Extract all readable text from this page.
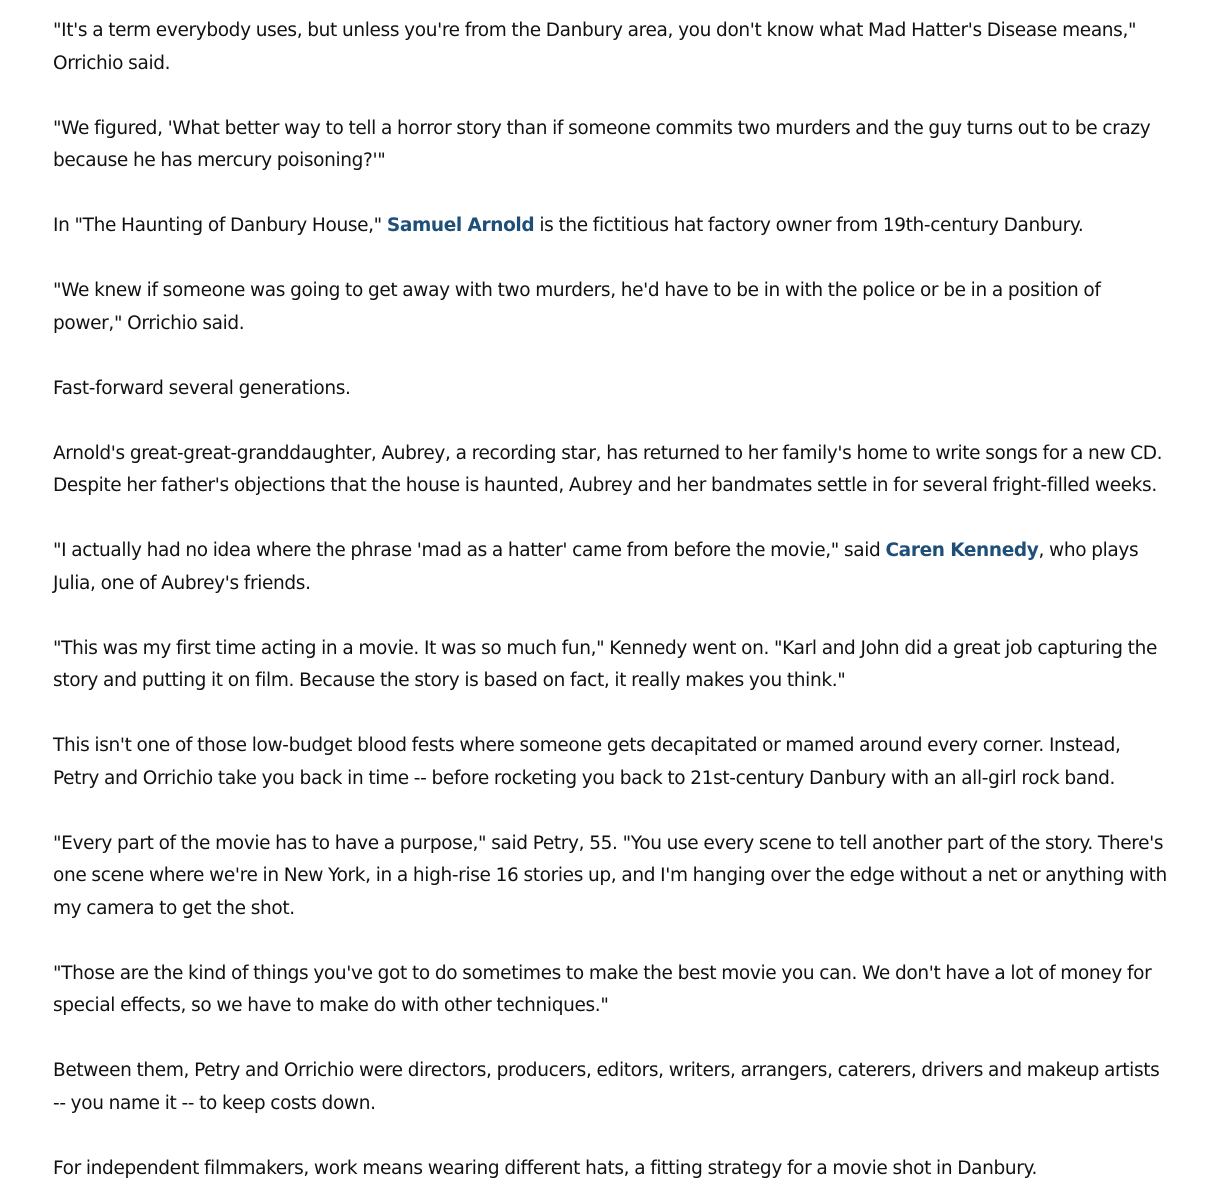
"It's a term everybody uses, but unless you're from the Danbury area, you don't know what Mad Hatter's Disease means," Orrichio said.

"We figured, 'What better way to tell a horror story than if someone commits two murders and the guy turns out to be crazy because he has mercury poisoning?'"

In "The Haunting of Danbury House," Samuel Arnold is the fictitious hat factory owner from 19th-century Danbury.

"We knew if someone was going to get away with two murders, he'd have to be in with the police or be in a position of power," Orrichio said.

Fast-forward several generations.

Arnold's great-great-granddaughter, Aubrey, a recording star, has returned to her family's home to write songs for a new CD. Despite her father's objections that the house is haunted, Aubrey and her bandmates settle in for several fright-filled weeks.

"I actually had no idea where the phrase 'mad as a hatter' came from before the movie," said Caren Kennedy, who plays Julia, one of Aubrey's friends.

"This was my first time acting in a movie. It was so much fun," Kennedy went on. "Karl and John did a great job capturing the story and putting it on film. Because the story is based on fact, it really makes you think."

This isn't one of those low-budget blood fests where someone gets decapitated or mamed around every corner. Instead, Petry and Orrichio take you back in time -- before rocketing you back to 21st-century Danbury with an all-girl rock band.

"Every part of the movie has to have a purpose," said Petry, 55. "You use every scene to tell another part of the story. There's one scene where we're in New York, in a high-rise 16 stories up, and I'm hanging over the edge without a net or anything with my camera to get the shot.

"Those are the kind of things you've got to do sometimes to make the best movie you can. We don't have a lot of money for special effects, so we have to make do with other techniques."

Between them, Petry and Orrichio were directors, producers, editors, writers, arrangers, caterers, drivers and makeup artists -- you name it -- to keep costs down.

For independent filmmakers, work means wearing different hats, a fitting strategy for a movie shot in Danbury.
